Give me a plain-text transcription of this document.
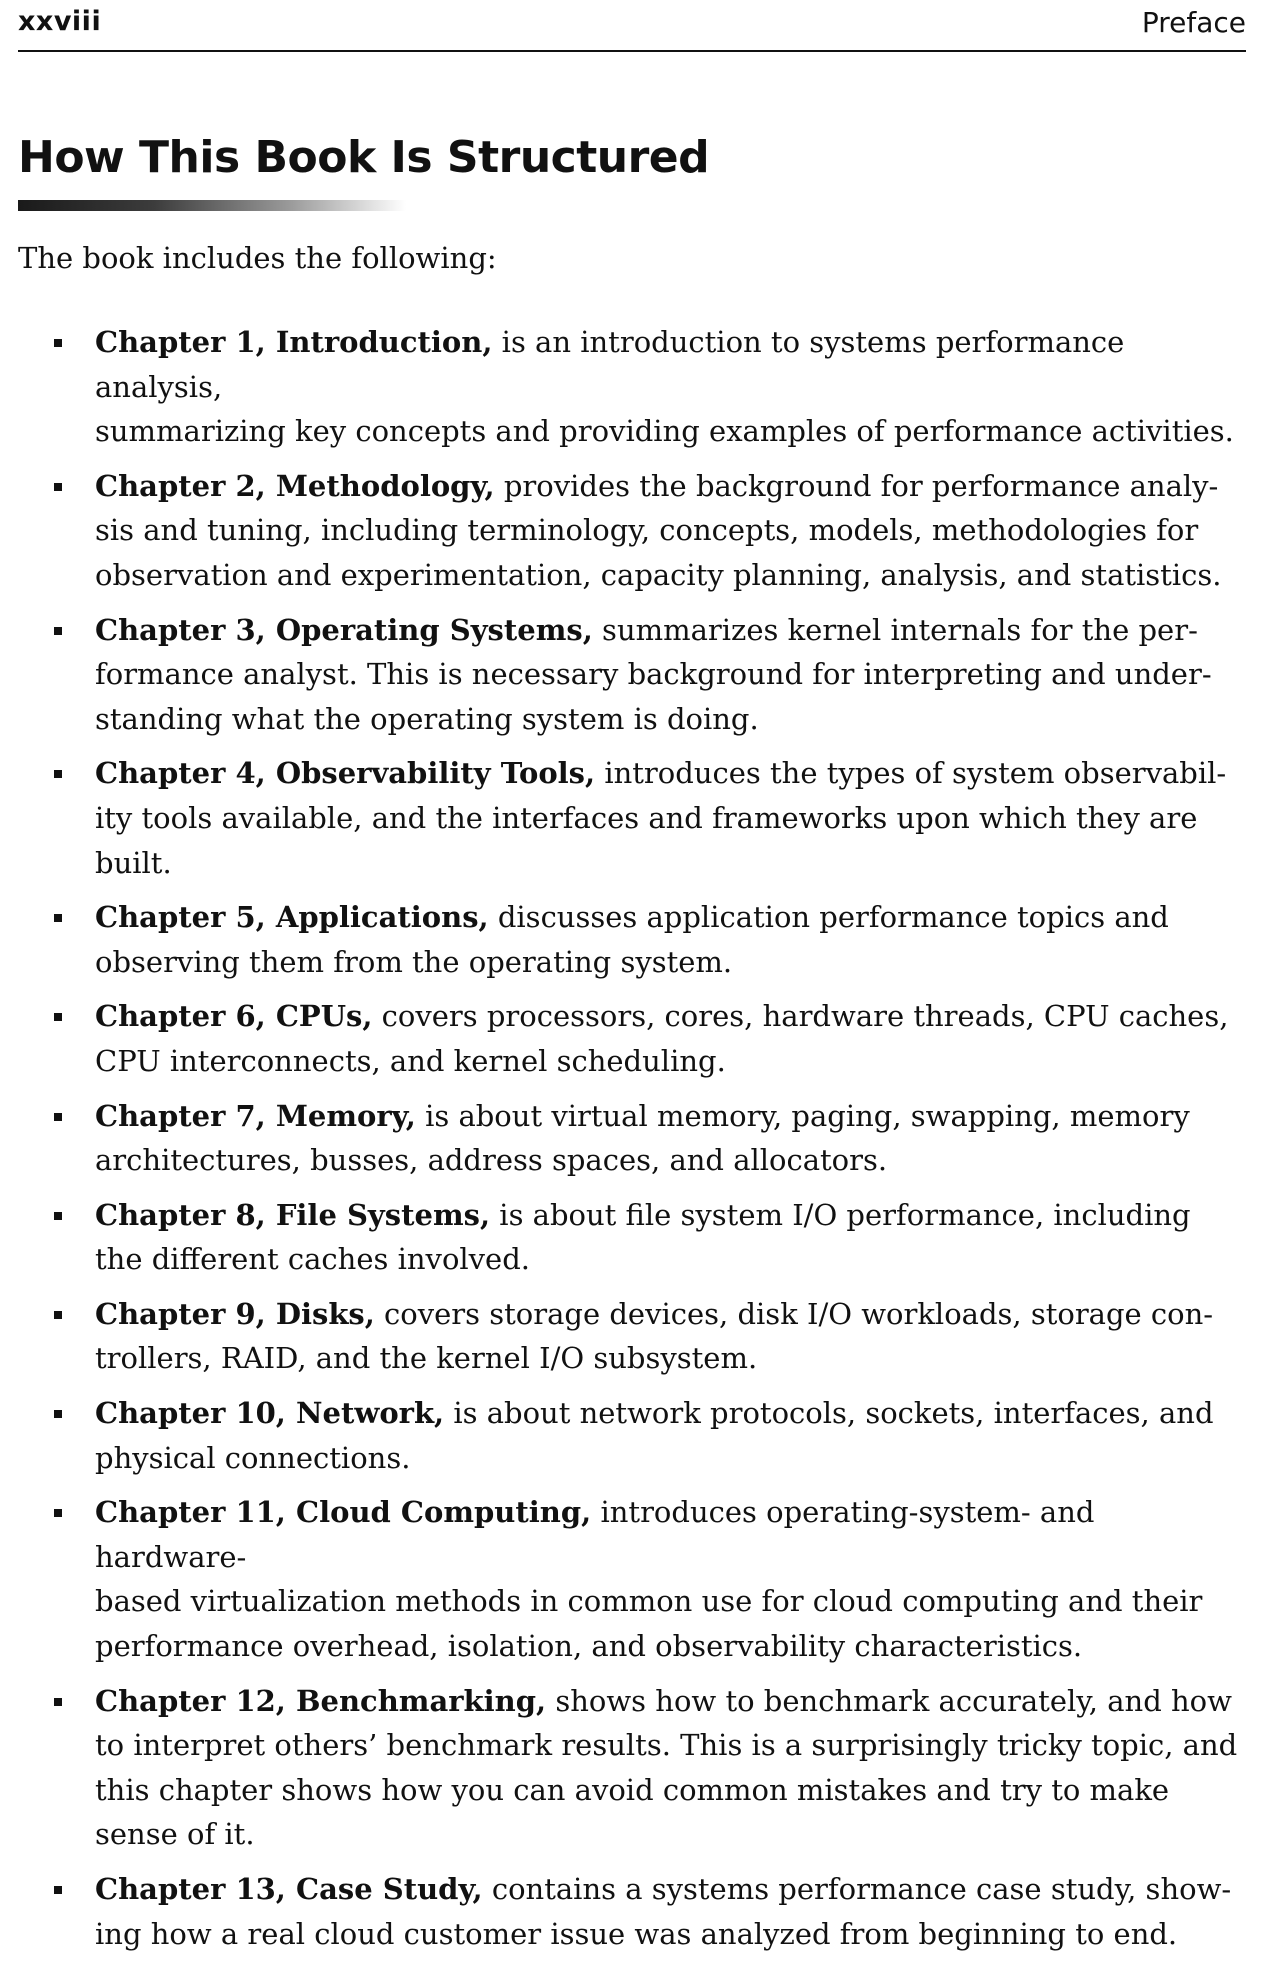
xxviii	Preface
How This Book Is Structured

The book includes the following:

Chapter 1, Introduction, is an introduction to systems performance analysis,
summarizing key concepts and providing examples of performance activities.
Chapter 2, Methodology, provides the background for performance analy-
sis and tuning, including terminology, concepts, models, methodologies for
observation and experimentation, capacity planning, analysis, and statistics.
Chapter 3, Operating Systems, summarizes kernel internals for the per-
formance analyst. This is necessary background for interpreting and under-
standing what the operating system is doing.
Chapter 4, Observability Tools, introduces the types of system observabil-
ity tools available, and the interfaces and frameworks upon which they are
built.
Chapter 5, Applications, discusses application performance topics and
observing them from the operating system.
Chapter 6, CPUs, covers processors, cores, hardware threads, CPU caches,
CPU interconnects, and kernel scheduling.
Chapter 7, Memory, is about virtual memory, paging, swapping, memory
architectures, busses, address spaces, and allocators.
Chapter 8, File Systems, is about file system I/O performance, including
the different caches involved.
Chapter 9, Disks, covers storage devices, disk I/O workloads, storage con-
trollers, RAID, and the kernel I/O subsystem.
Chapter 10, Network, is about network protocols, sockets, interfaces, and
physical connections.
Chapter 11, Cloud Computing, introduces operating-system- and hardware-
based virtualization methods in common use for cloud computing and their
performance overhead, isolation, and observability characteristics.
Chapter 12, Benchmarking, shows how to benchmark accurately, and how
to interpret others’ benchmark results. This is a surprisingly tricky topic, and
this chapter shows how you can avoid common mistakes and try to make
sense of it.
Chapter 13, Case Study, contains a systems performance case study, show-
ing how a real cloud customer issue was analyzed from beginning to end.
